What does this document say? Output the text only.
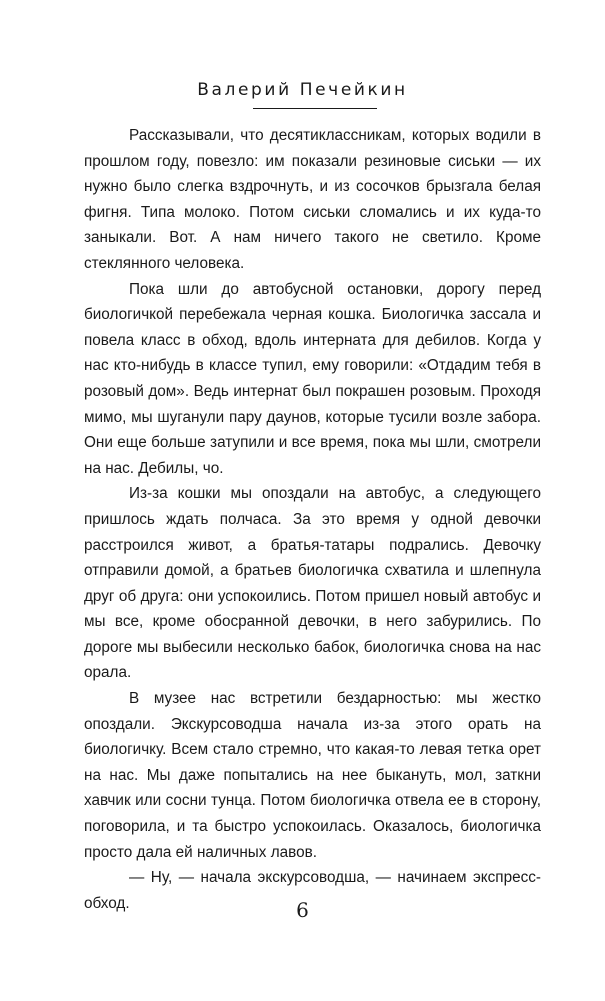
Валерий Печейкин

Рассказывали, что десятиклассникам, которых водили в прошлом году, повезло: им показали резиновые сиськи — их нужно было слегка вздрочнуть, и из сосочков брызгала белая фигня. Типа молоко. Потом сиськи сломались и их куда-то заныкали. Вот. А нам ничего такого не светило. Кроме стеклянного человека.

Пока шли до автобусной остановки, дорогу перед биологичкой перебежала черная кошка. Биологичка зассала и повела класс в обход, вдоль интерната для дебилов. Когда у нас кто-нибудь в классе тупил, ему говорили: «Отдадим тебя в розовый дом». Ведь интернат был покрашен розовым. Проходя мимо, мы шуганули пару даунов, которые тусили возле забора. Они еще больше затупили и все время, пока мы шли, смотрели на нас. Дебилы, чо.

Из-за кошки мы опоздали на автобус, а следующего пришлось ждать полчаса. За это время у одной девочки расстроился живот, а братья-татары подрались. Девочку отправили домой, а братьев биологичка схватила и шлепнула друг об друга: они успокоились. Потом пришел новый автобус и мы все, кроме обосранной девочки, в него забурились. По дороге мы выбесили несколько бабок, биологичка снова на нас орала.

В музее нас встретили бездарностью: мы жестко опоздали. Экскурсоводша начала из-за этого орать на биологичку. Всем стало стремно, что какая-то левая тетка орет на нас. Мы даже попытались на нее быкануть, мол, заткни хавчик или сосни тунца. Потом биологичка отвела ее в сторону, поговорила, и та быстро успокоилась. Оказалось, биологичка просто дала ей наличных лавов.

— Ну, — начала экскурсоводша, — начинаем экспресс-обход.	6
